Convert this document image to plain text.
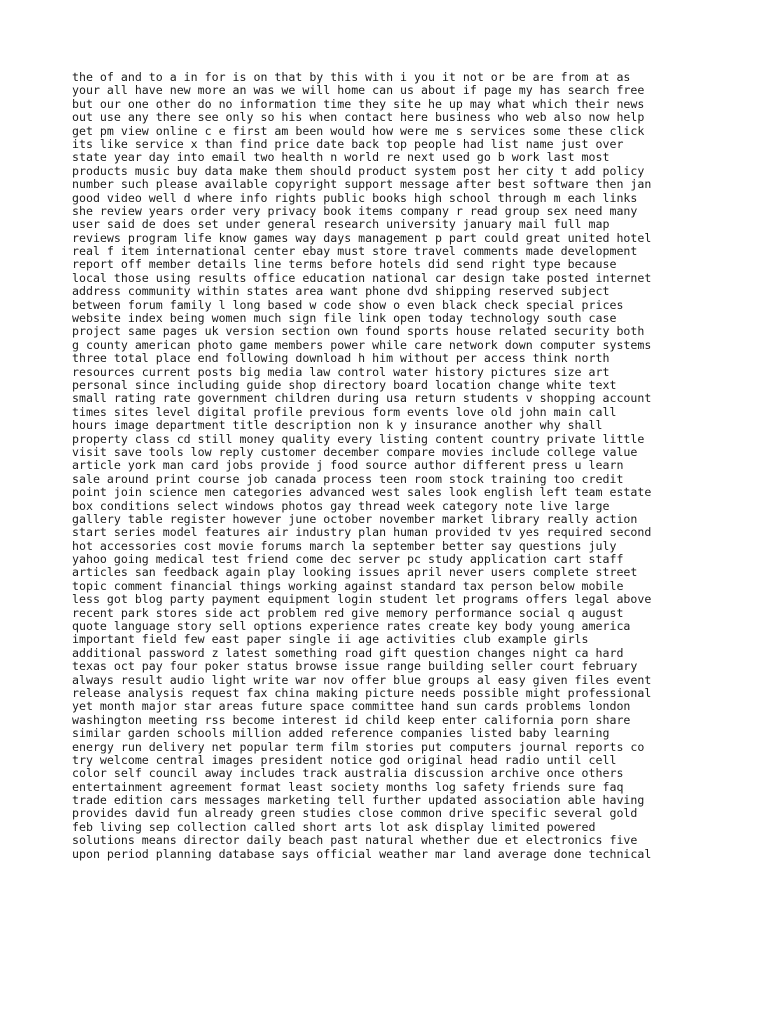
the of and to a in for is on that by this with i you it not or be are from at as
your all have new more an was we will home can us about if page my has search free
but our one other do no information time they site he up may what which their news
out use any there see only so his when contact here business who web also now help
get pm view online c e first am been would how were me s services some these click
its like service x than find price date back top people had list name just over
state year day into email two health n world re next used go b work last most
products music buy data make them should product system post her city t add policy
number such please available copyright support message after best software then jan
good video well d where info rights public books high school through m each links
she review years order very privacy book items company r read group sex need many
user said de does set under general research university january mail full map
reviews program life know games way days management p part could great united hotel
real f item international center ebay must store travel comments made development
report off member details line terms before hotels did send right type because
local those using results office education national car design take posted internet
address community within states area want phone dvd shipping reserved subject
between forum family l long based w code show o even black check special prices
website index being women much sign file link open today technology south case
project same pages uk version section own found sports house related security both
g county american photo game members power while care network down computer systems
three total place end following download h him without per access think north
resources current posts big media law control water history pictures size art
personal since including guide shop directory board location change white text
small rating rate government children during usa return students v shopping account
times sites level digital profile previous form events love old john main call
hours image department title description non k y insurance another why shall
property class cd still money quality every listing content country private little
visit save tools low reply customer december compare movies include college value
article york man card jobs provide j food source author different press u learn
sale around print course job canada process teen room stock training too credit
point join science men categories advanced west sales look english left team estate
box conditions select windows photos gay thread week category note live large
gallery table register however june october november market library really action
start series model features air industry plan human provided tv yes required second
hot accessories cost movie forums march la september better say questions july
yahoo going medical test friend come dec server pc study application cart staff
articles san feedback again play looking issues april never users complete street
topic comment financial things working against standard tax person below mobile
less got blog party payment equipment login student let programs offers legal above
recent park stores side act problem red give memory performance social q august
quote language story sell options experience rates create key body young america
important field few east paper single ii age activities club example girls
additional password z latest something road gift question changes night ca hard
texas oct pay four poker status browse issue range building seller court february
always result audio light write war nov offer blue groups al easy given files event
release analysis request fax china making picture needs possible might professional
yet month major star areas future space committee hand sun cards problems london
washington meeting rss become interest id child keep enter california porn share
similar garden schools million added reference companies listed baby learning
energy run delivery net popular term film stories put computers journal reports co
try welcome central images president notice god original head radio until cell
color self council away includes track australia discussion archive once others
entertainment agreement format least society months log safety friends sure faq
trade edition cars messages marketing tell further updated association able having
provides david fun already green studies close common drive specific several gold
feb living sep collection called short arts lot ask display limited powered
solutions means director daily beach past natural whether due et electronics five
upon period planning database says official weather mar land average done technical
